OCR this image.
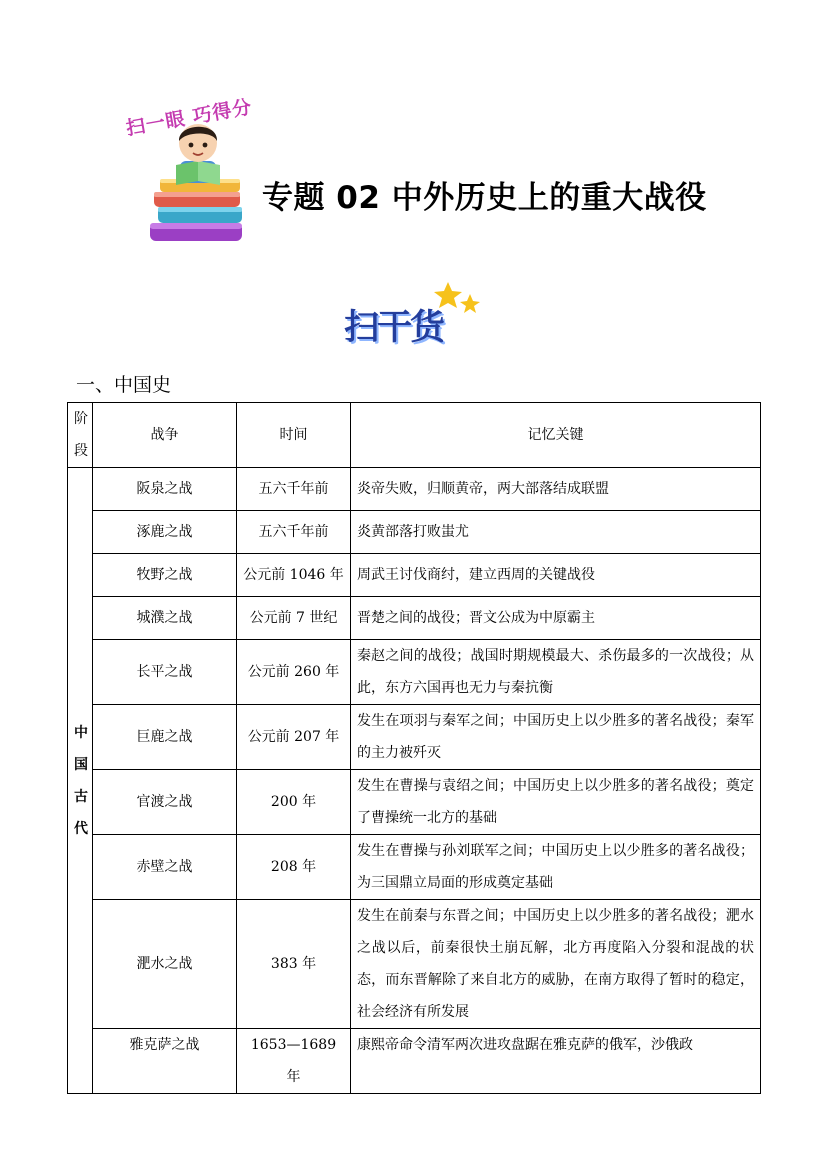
扫一眼 巧得分
专题 02 中外历史上的重大战役
扫干货
一、中国史
阶段	战争	时间	记忆关键
中国古代	阪泉之战	五六千年前	炎帝失败，归顺黄帝，两大部落结成联盟
	涿鹿之战	五六千年前	炎黄部落打败蚩尤
	牧野之战	公元前 1046 年	周武王讨伐商纣，建立西周的关键战役
	城濮之战	公元前 7 世纪	晋楚之间的战役；晋文公成为中原霸主
	长平之战	公元前 260 年	秦赵之间的战役；战国时期规模最大、杀伤最多的一次战役；从此，东方六国再也无力与秦抗衡
	巨鹿之战	公元前 207 年	发生在项羽与秦军之间；中国历史上以少胜多的著名战役；秦军的主力被歼灭
	官渡之战	200 年	发生在曹操与袁绍之间；中国历史上以少胜多的著名战役；奠定了曹操统一北方的基础
	赤壁之战	208 年	发生在曹操与孙刘联军之间；中国历史上以少胜多的著名战役；为三国鼎立局面的形成奠定基础
	淝水之战	383 年	发生在前秦与东晋之间；中国历史上以少胜多的著名战役；淝水之战以后，前秦很快土崩瓦解，北方再度陷入分裂和混战的状态，而东晋解除了来自北方的威胁，在南方取得了暂时的稳定，社会经济有所发展
	雅克萨之战	1653—1689 年	康熙帝命令清军两次进攻盘踞在雅克萨的俄军，沙俄政
